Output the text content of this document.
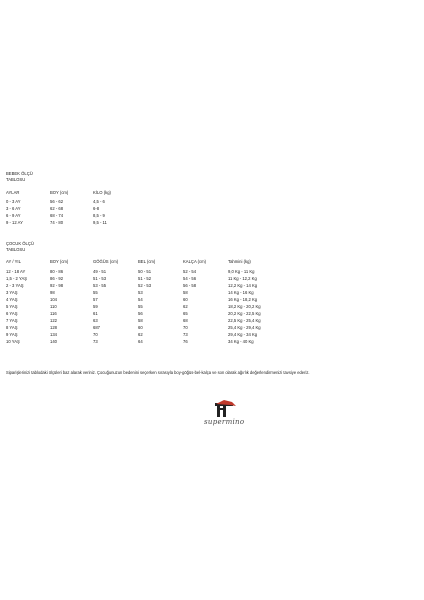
BEBEK ÖLÇÜ
TABLOSU
AYLAR	BOY (cm)	KİLO (kg)
0 - 3 AY	56 - 62	4,5 - 6
3 - 6 AY	62 - 68	6-8
6 - 9 AY	68 - 74	8,5 - 9
9 - 12 AY	74 - 80	9,5 - 11
ÇOCUK ÖLÇÜ
TABLOSU
AY / YIL	BOY (cm)	GÖĞÜS (cm)	BEL (cm)	KALÇA (cm)	Tahmini (kg)
12 - 18 AY	80 - 86	49 - 51	50 - 51	52 - 54	9,0 Kg - 11 Kg
1,5 - 2 YAŞ	86 - 92	51 - 53	51 - 52	54 - 56	11 Kg - 12,2 Kg
2 - 3 YAŞ	92 - 98	53 - 55	52 - 53	56 - 58	12,2 Kg - 14 Kg
3 YAŞ	98	55	53	58	14 Kg - 16 Kg
4 YAŞ	104	57	54	60	16 Kg - 18,2 Kg
5 YAŞ	110	59	55	62	18,2 Kg - 20,2 Kg
6 YAŞ	116	61	56	65	20,2 Kg - 22,5 Kg
7 YAŞ	122	63	58	68	22,5 Kg - 25,4 Kg
8 YAŞ	128	687	60	70	25,4 Kg - 29,4 Kg
9 YAŞ	134	70	62	73	29,4 Kg - 34 Kg
10 YAŞ	140	73	64	76	34 Kg - 40 Kg
Siparişlerinizi tablodaki ölçüleri baz alarak veriniz. Çocuğunuzun bedenini seçerken sırasıyla boy-göğüs-bel-kalça ve son olarak ağırlık değerlendirmenizi tavsiye ederiz.
supermino
